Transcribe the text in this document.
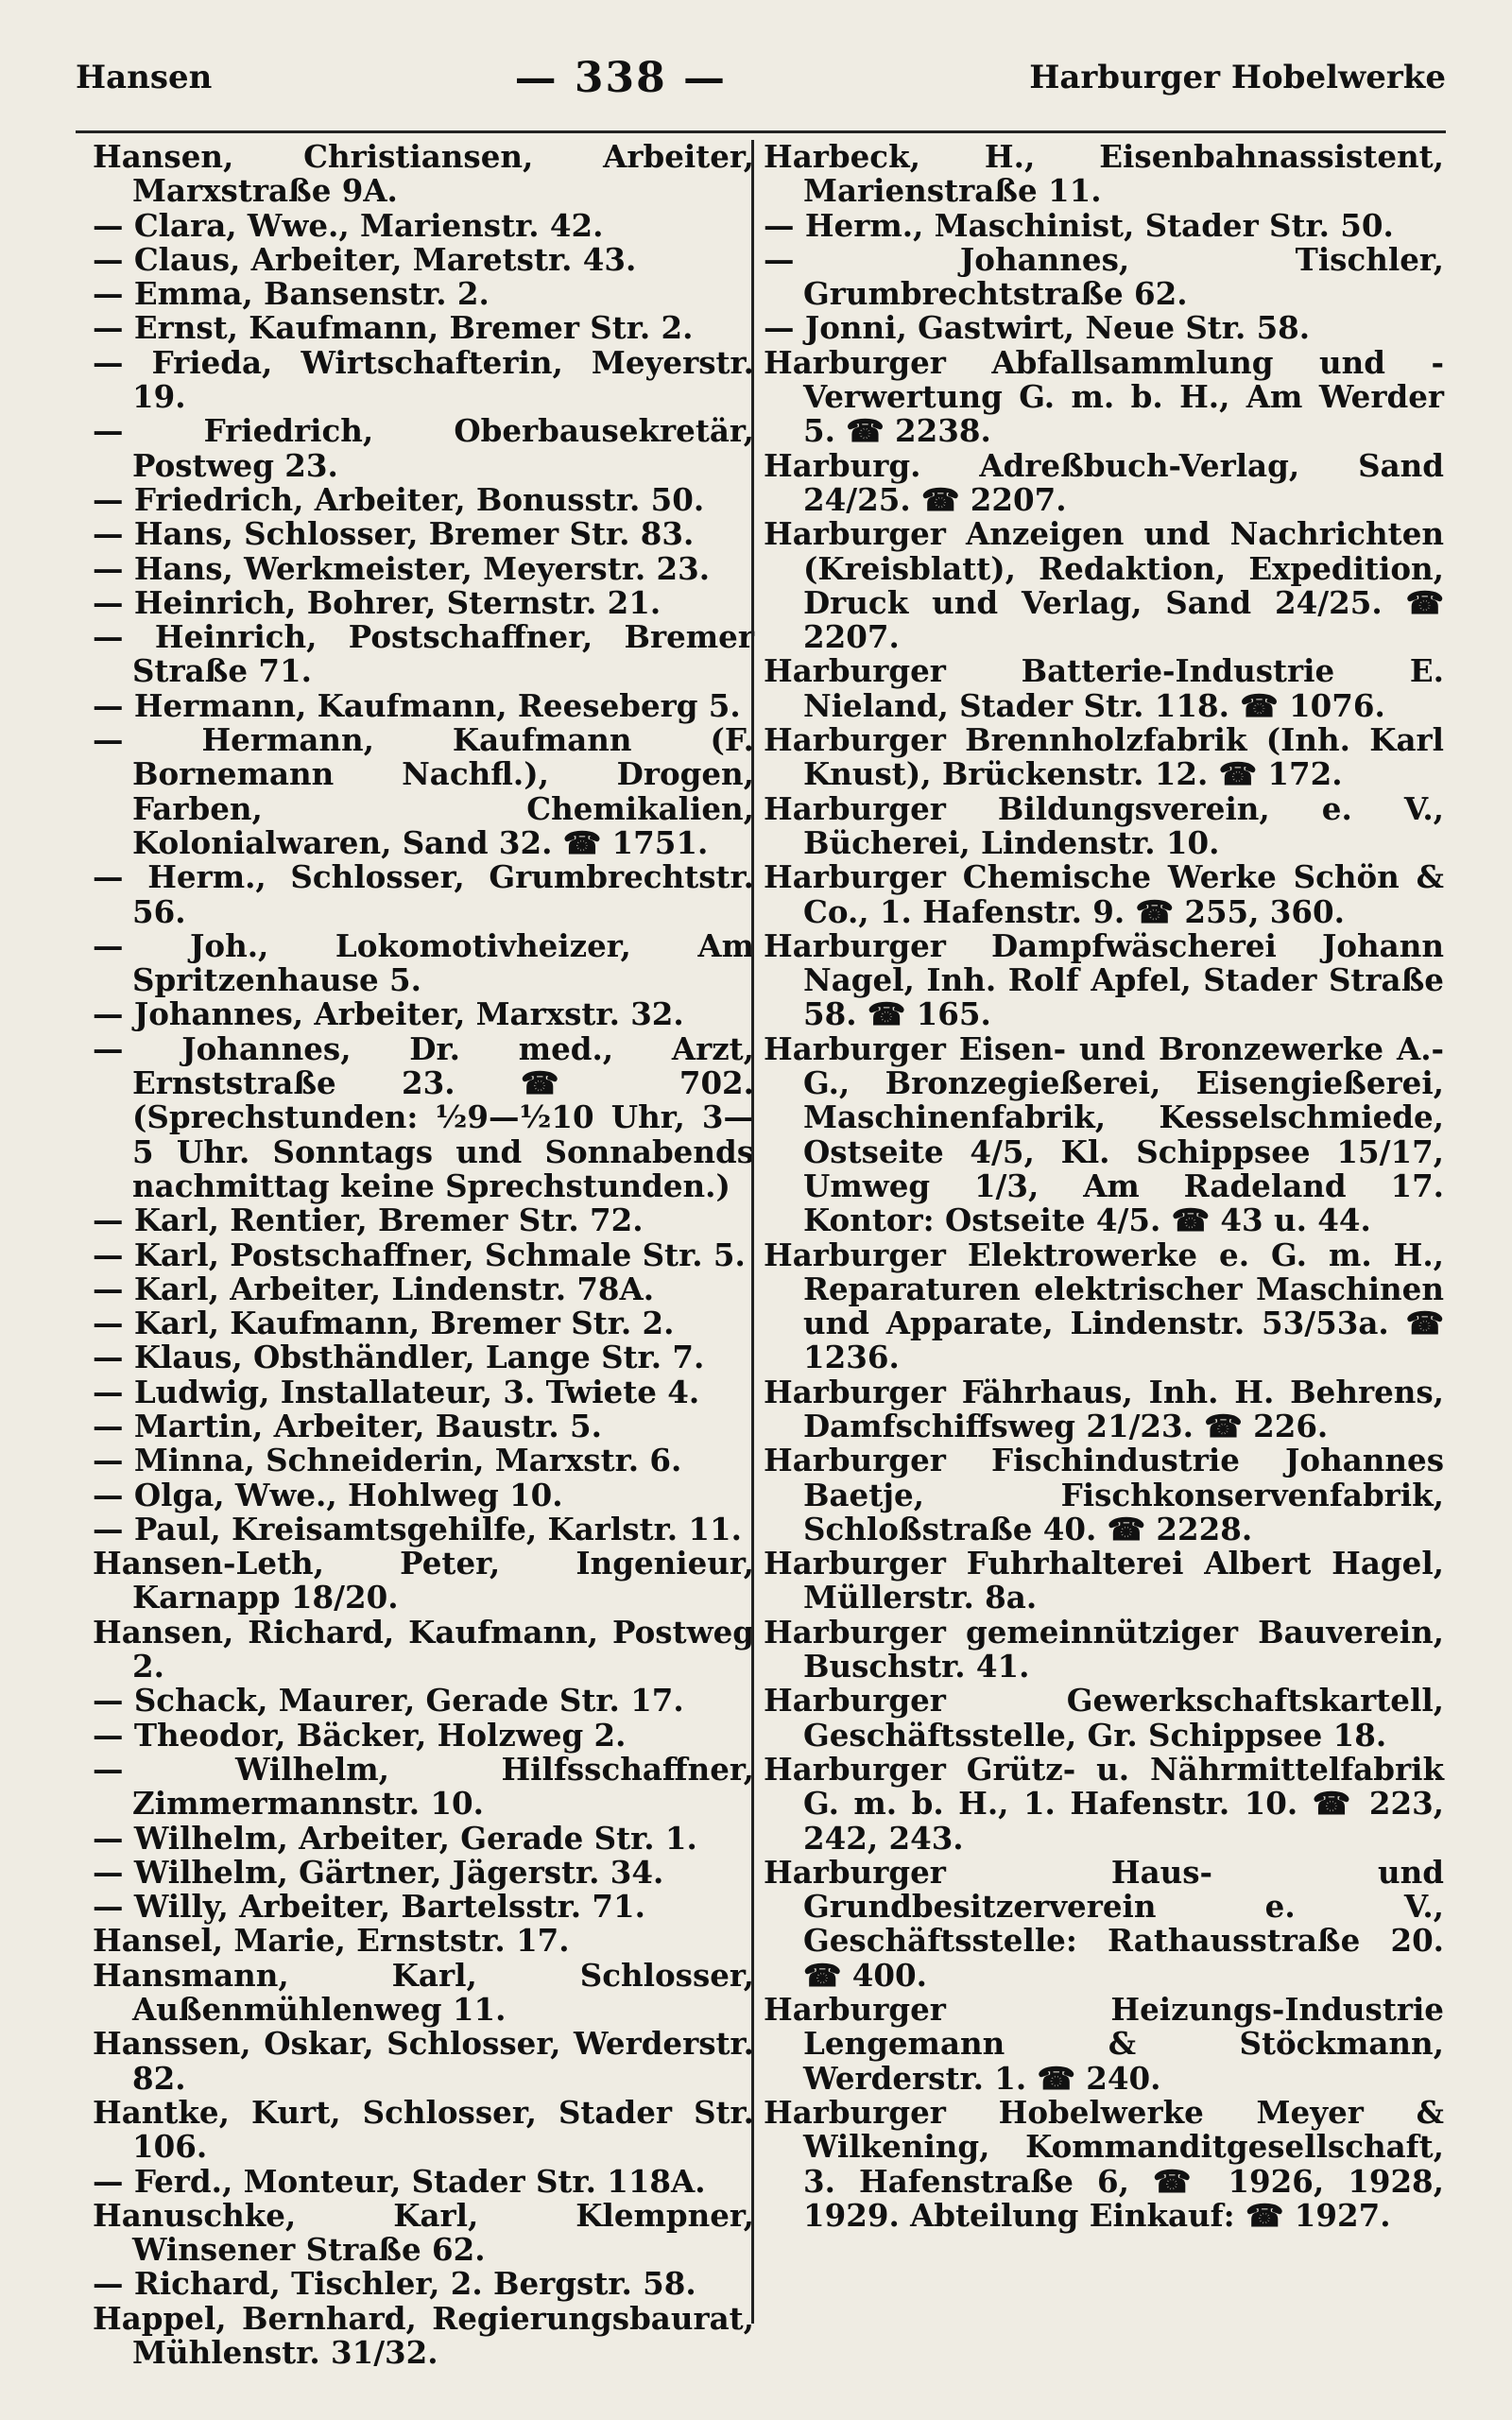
Hansen	— 338 —	Harburger Hobelwerke

Hansen, Christiansen, Arbeiter, Marxstraße 9A.

— Clara, Wwe., Marienstr. 42.

— Claus, Arbeiter, Maretstr. 43.

— Emma, Bansenstr. 2.

— Ernst, Kaufmann, Bremer Str. 2.

— Frieda, Wirtschafterin, Meyerstr. 19.

— Friedrich, Oberbausekretär, Postweg 23.

— Friedrich, Arbeiter, Bonusstr. 50.

— Hans, Schlosser, Bremer Str. 83.

— Hans, Werkmeister, Meyerstr. 23.

— Heinrich, Bohrer, Sternstr. 21.

— Heinrich, Postschaffner, Bremer Straße 71.

— Hermann, Kaufmann, Reeseberg 5.

— Hermann, Kaufmann (F. Bornemann Nachfl.), Drogen, Farben, Chemikalien, Kolonialwaren, Sand 32. ☎ 1751.

— Herm., Schlosser, Grumbrechtstr. 56.

— Joh., Lokomotivheizer, Am Spritzenhause 5.

— Johannes, Arbeiter, Marxstr. 32.

— Johannes, Dr. med., Arzt, Ernststraße 23. ☎ 702. (Sprechstunden: ½9—½10 Uhr, 3—5 Uhr. Sonntags und Sonnabends nachmittag keine Sprechstunden.)

— Karl, Rentier, Bremer Str. 72.

— Karl, Postschaffner, Schmale Str. 5.

— Karl, Arbeiter, Lindenstr. 78A.

— Karl, Kaufmann, Bremer Str. 2.

— Klaus, Obsthändler, Lange Str. 7.

— Ludwig, Installateur, 3. Twiete 4.

— Martin, Arbeiter, Baustr. 5.

— Minna, Schneiderin, Marxstr. 6.

— Olga, Wwe., Hohlweg 10.

— Paul, Kreisamtsgehilfe, Karlstr. 11.

Hansen-Leth, Peter, Ingenieur, Karnapp 18/20.

Hansen, Richard, Kaufmann, Postweg 2.

— Schack, Maurer, Gerade Str. 17.

— Theodor, Bäcker, Holzweg 2.

— Wilhelm, Hilfsschaffner, Zimmermannstr. 10.

— Wilhelm, Arbeiter, Gerade Str. 1.

— Wilhelm, Gärtner, Jägerstr. 34.

— Willy, Arbeiter, Bartelsstr. 71.

Hansel, Marie, Ernststr. 17.

Hansmann, Karl, Schlosser, Außenmühlenweg 11.

Hanssen, Oskar, Schlosser, Werderstr. 82.

Hantke, Kurt, Schlosser, Stader Str. 106.

— Ferd., Monteur, Stader Str. 118A.

Hanuschke, Karl, Klempner, Winsener Straße 62.

— Richard, Tischler, 2. Bergstr. 58.

Happel, Bernhard, Regierungsbaurat, Mühlenstr. 31/32.

Harbeck, H., Eisenbahnassistent, Marienstraße 11.

— Herm., Maschinist, Stader Str. 50.

— Johannes, Tischler, Grumbrechtstraße 62.

— Jonni, Gastwirt, Neue Str. 58.

Harburger Abfallsammlung und -Verwertung G. m. b. H., Am Werder 5. ☎ 2238.

Harburg. Adreßbuch-Verlag, Sand 24/25. ☎ 2207.

Harburger Anzeigen und Nachrichten (Kreisblatt), Redaktion, Expedition, Druck und Verlag, Sand 24/25. ☎ 2207.

Harburger Batterie-Industrie E. Nieland, Stader Str. 118. ☎ 1076.

Harburger Brennholzfabrik (Inh. Karl Knust), Brückenstr. 12. ☎ 172.

Harburger Bildungsverein, e. V., Bücherei, Lindenstr. 10.

Harburger Chemische Werke Schön & Co., 1. Hafenstr. 9. ☎ 255, 360.

Harburger Dampfwäscherei Johann Nagel, Inh. Rolf Apfel, Stader Straße 58. ☎ 165.

Harburger Eisen- und Bronzewerke A.-G., Bronzegießerei, Eisengießerei, Maschinenfabrik, Kesselschmiede, Ostseite 4/5, Kl. Schippsee 15/17, Umweg 1/3, Am Radeland 17. Kontor: Ostseite 4/5. ☎ 43 u. 44.

Harburger Elektrowerke e. G. m. H., Reparaturen elektrischer Maschinen und Apparate, Lindenstr. 53/53a. ☎ 1236.

Harburger Fährhaus, Inh. H. Behrens, Damfschiffsweg 21/23. ☎ 226.

Harburger Fischindustrie Johannes Baetje, Fischkonservenfabrik, Schloßstraße 40. ☎ 2228.

Harburger Fuhrhalterei Albert Hagel, Müllerstr. 8a.

Harburger gemeinnütziger Bauverein, Buschstr. 41.

Harburger Gewerkschaftskartell, Geschäftsstelle, Gr. Schippsee 18.

Harburger Grütz- u. Nährmittelfabrik G. m. b. H., 1. Hafenstr. 10. ☎ 223, 242, 243.

Harburger Haus- und Grundbesitzerverein e. V., Geschäftsstelle: Rathausstraße 20. ☎ 400.

Harburger Heizungs-Industrie Lengemann & Stöckmann, Werderstr. 1. ☎ 240.

Harburger Hobelwerke Meyer & Wilkening, Kommanditgesellschaft, 3. Hafenstraße 6, ☎ 1926, 1928, 1929. Abteilung Einkauf: ☎ 1927.
